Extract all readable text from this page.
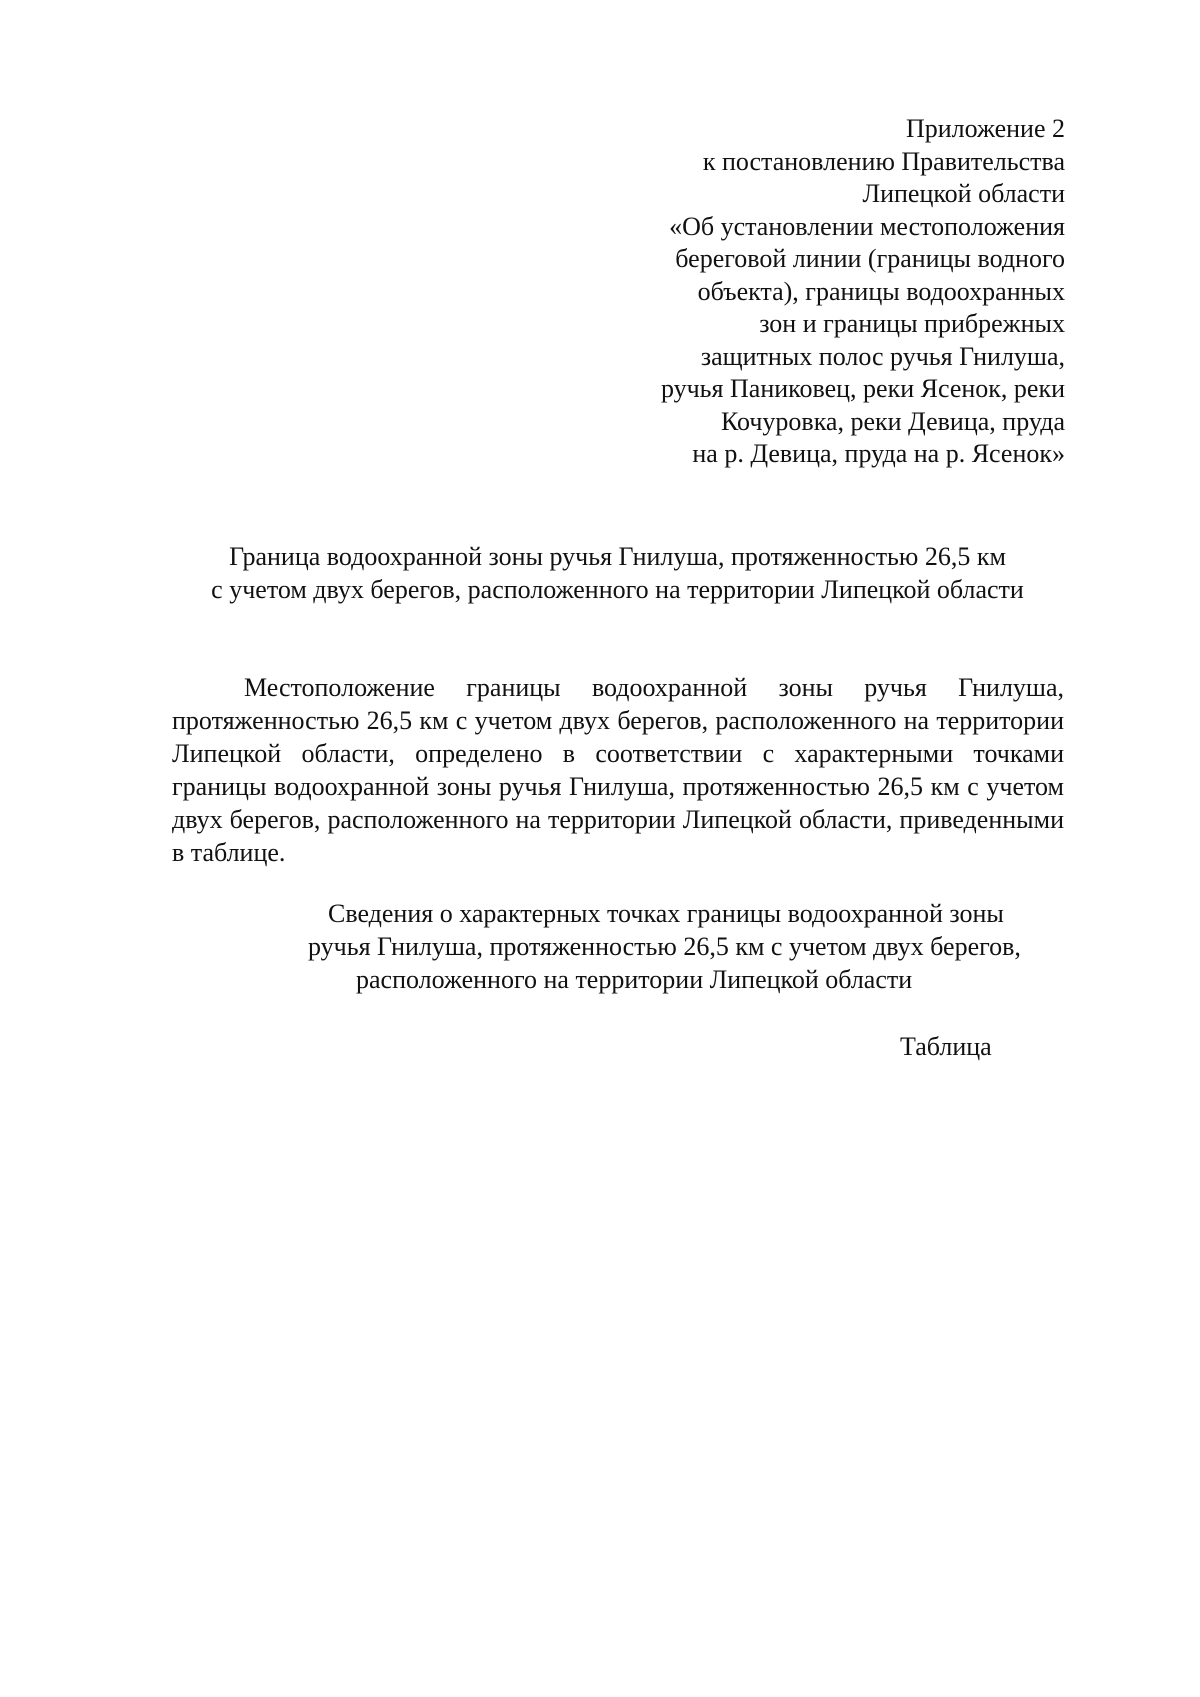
Приложение 2
к постановлению Правительства
Липецкой области
«Об установлении местоположения
береговой линии (границы водного
объекта), границы водоохранных
зон и границы прибрежных
защитных полос ручья Гнилуша,
ручья Паниковец, реки Ясенок, реки
Кочуровка, реки Девица, пруда
на р. Девица, пруда на р. Ясенок»
Граница водоохранной зоны ручья Гнилуша, протяженностью 26,5 км
с учетом двух берегов, расположенного на территории Липецкой области

Местоположение границы водоохранной зоны ручья Гнилуша, протяженностью 26,5 км с учетом двух берегов, расположенного на территории Липецкой области, определено в соответствии с характерными точками границы водоохранной зоны ручья Гнилуша, протяженностью 26,5 км с учетом двух берегов, расположенного на территории Липецкой области, приведенными в таблице.

Сведения о характерных точках границы водоохранной зоны
ручья Гнилуша, протяженностью 26,5 км с учетом двух берегов,
расположенного на территории Липецкой области
Таблица
